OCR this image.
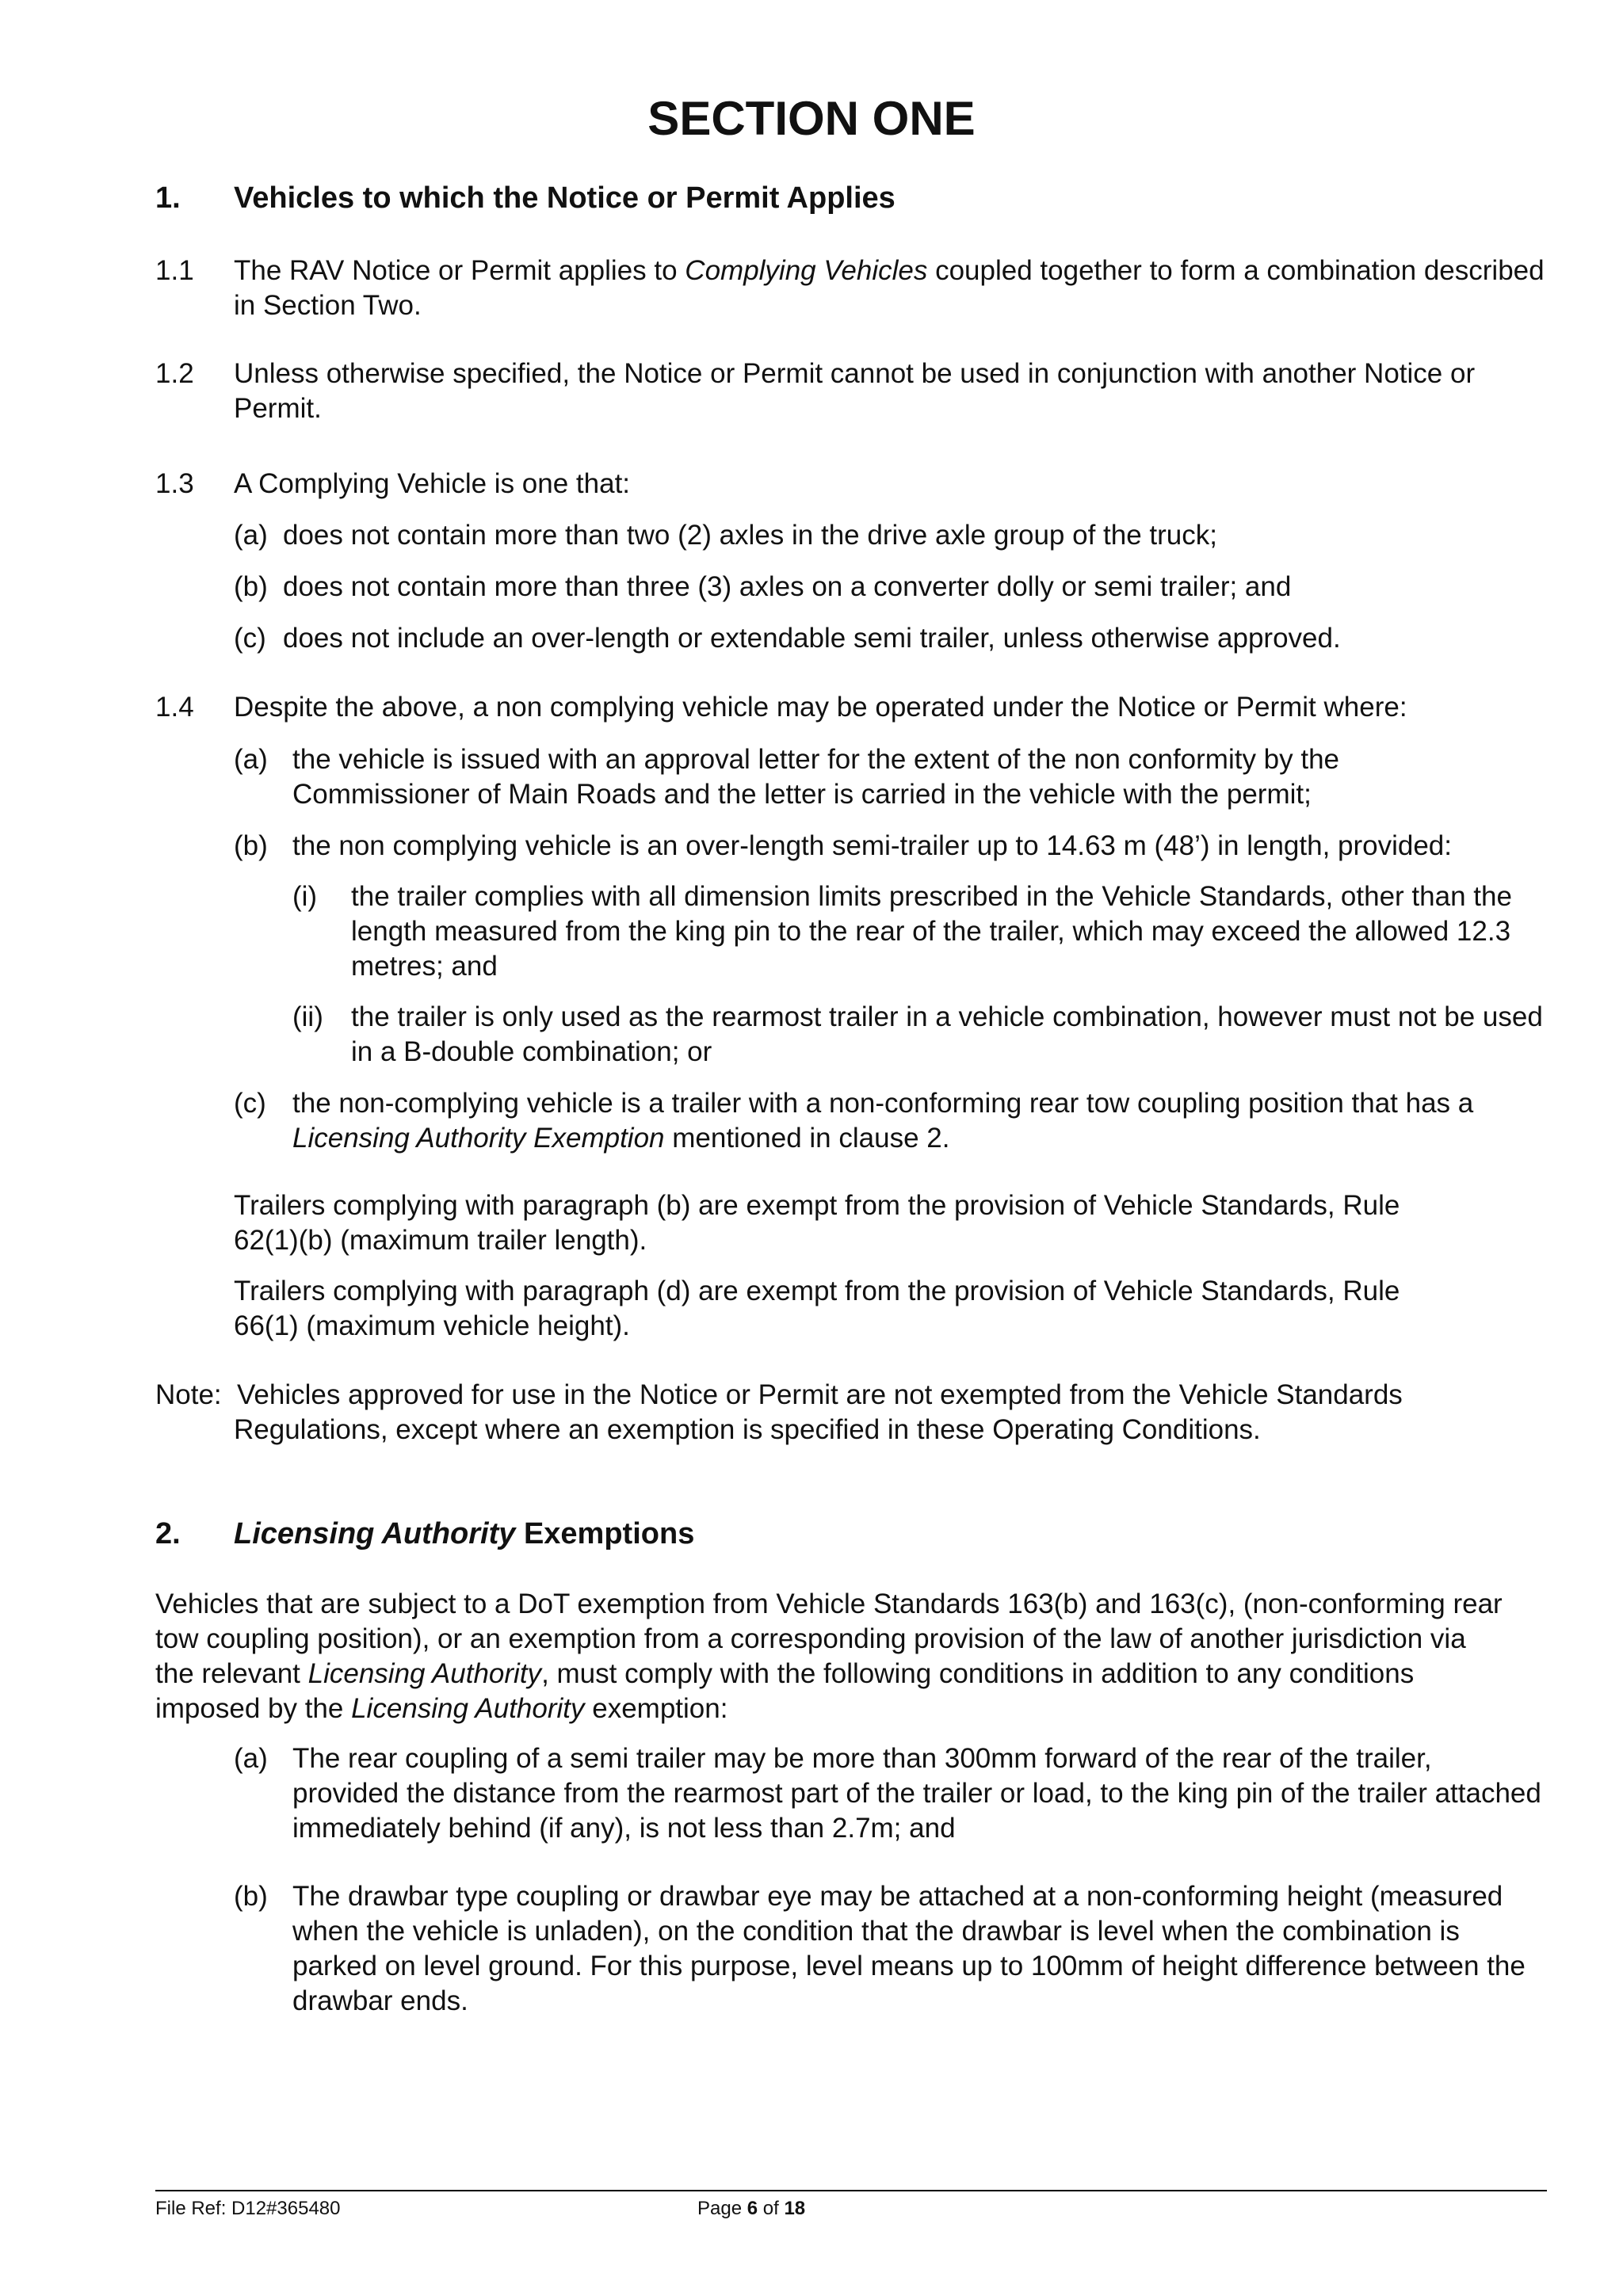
SECTION ONE
1. Vehicles to which the Notice or Permit Applies
1.1 The RAV Notice or Permit applies to Complying Vehicles coupled together to form a combination described in Section Two.
1.2 Unless otherwise specified, the Notice or Permit cannot be used in conjunction with another Notice or Permit.
1.3 A Complying Vehicle is one that:
(a) does not contain more than two (2) axles in the drive axle group of the truck;
(b) does not contain more than three (3) axles on a converter dolly or semi trailer; and
(c) does not include an over-length or extendable semi trailer, unless otherwise approved.
1.4 Despite the above, a non complying vehicle may be operated under the Notice or Permit where:
(a) the vehicle is issued with an approval letter for the extent of the non conformity by the Commissioner of Main Roads and the letter is carried in the vehicle with the permit;
(b) the non complying vehicle is an over-length semi-trailer up to 14.63 m (48’) in length, provided:
(i) the trailer complies with all dimension limits prescribed in the Vehicle Standards, other than the length measured from the king pin to the rear of the trailer, which may exceed the allowed 12.3 metres; and
(ii) the trailer is only used as the rearmost trailer in a vehicle combination, however must not be used in a B-double combination; or
(c) the non-complying vehicle is a trailer with a non-conforming rear tow coupling position that has a Licensing Authority Exemption mentioned in clause 2.
Trailers complying with paragraph (b) are exempt from the provision of Vehicle Standards, Rule 62(1)(b) (maximum trailer length).
Trailers complying with paragraph (d) are exempt from the provision of Vehicle Standards, Rule 66(1) (maximum vehicle height).
Note: Vehicles approved for use in the Notice or Permit are not exempted from the Vehicle Standards Regulations, except where an exemption is specified in these Operating Conditions.
2. Licensing Authority Exemptions
Vehicles that are subject to a DoT exemption from Vehicle Standards 163(b) and 163(c), (non-conforming rear tow coupling position), or an exemption from a corresponding provision of the law of another jurisdiction via the relevant Licensing Authority, must comply with the following conditions in addition to any conditions imposed by the Licensing Authority exemption:
(a) The rear coupling of a semi trailer may be more than 300mm forward of the rear of the trailer, provided the distance from the rearmost part of the trailer or load, to the king pin of the trailer attached immediately behind (if any), is not less than 2.7m; and
(b) The drawbar type coupling or drawbar eye may be attached at a non-conforming height (measured when the vehicle is unladen), on the condition that the drawbar is level when the combination is parked on level ground. For this purpose, level means up to 100mm of height difference between the drawbar ends.
File Ref: D12#365480	Page 6 of 18
